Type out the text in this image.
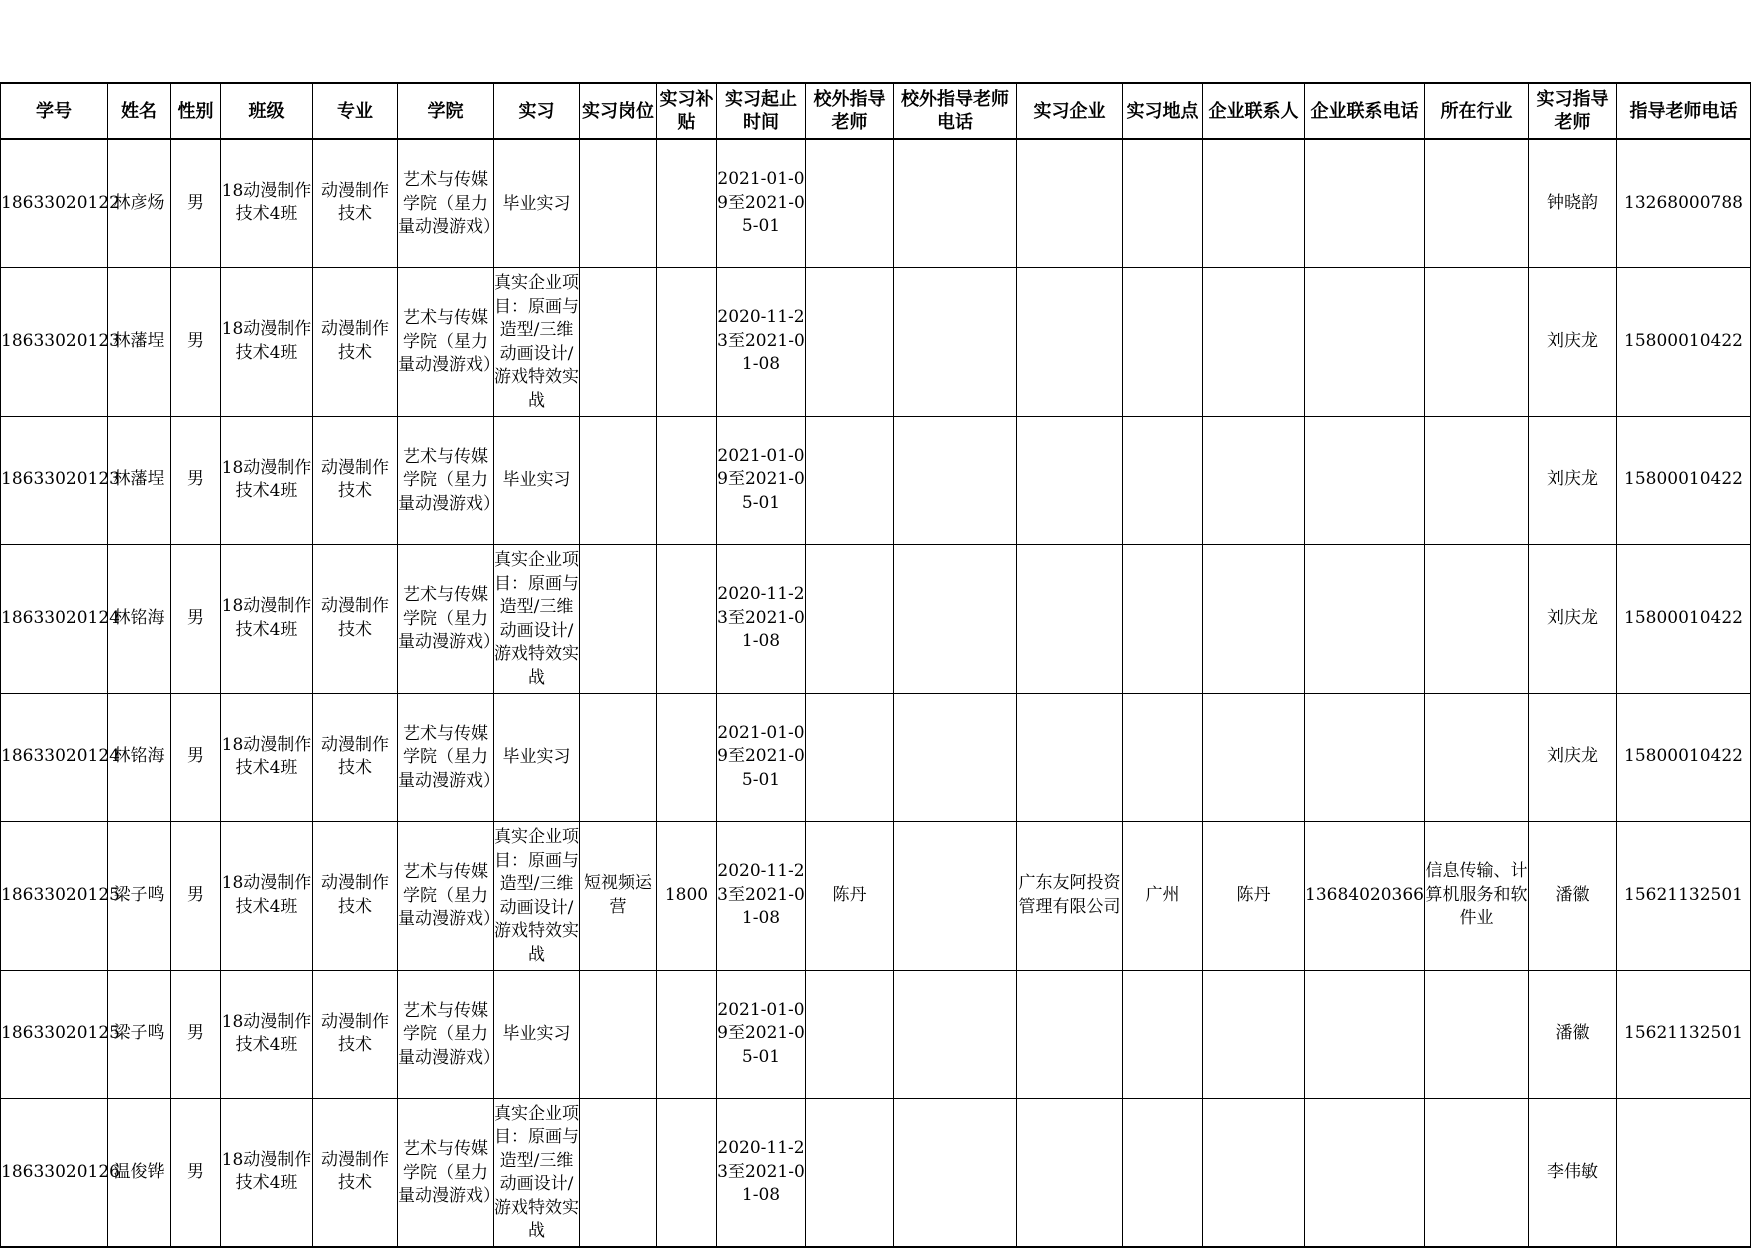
学号	姓名	性别	班级	专业	学院	实习	实习岗位	实习补贴	实习起止时间	校外指导老师	校外指导老师电话	实习企业	实习地点	企业联系人	企业联系电话	所在行业	实习指导老师	指导老师电话

18633020122	林彦炀	男	18动漫制作技术4班	动漫制作技术	艺术与传媒学院（星力量动漫游戏）	毕业实习			2021-01-09至2021-05-01								钟晓韵	13268000788

18633020123	林藩埕	男	18动漫制作技术4班	动漫制作技术	艺术与传媒学院（星力量动漫游戏）	真实企业项目：原画与造型/三维动画设计/游戏特效实战			2020-11-23至2021-01-08								刘庆龙	15800010422

18633020123	林藩埕	男	18动漫制作技术4班	动漫制作技术	艺术与传媒学院（星力量动漫游戏）	毕业实习			2021-01-09至2021-05-01								刘庆龙	15800010422

18633020124	林铭海	男	18动漫制作技术4班	动漫制作技术	艺术与传媒学院（星力量动漫游戏）	真实企业项目：原画与造型/三维动画设计/游戏特效实战			2020-11-23至2021-01-08								刘庆龙	15800010422

18633020124	林铭海	男	18动漫制作技术4班	动漫制作技术	艺术与传媒学院（星力量动漫游戏）	毕业实习			2021-01-09至2021-05-01								刘庆龙	15800010422

18633020125	梁子鸣	男	18动漫制作技术4班	动漫制作技术	艺术与传媒学院（星力量动漫游戏）	真实企业项目：原画与造型/三维动画设计/游戏特效实战	短视频运营	1800	2020-11-23至2021-01-08	陈丹		广东友阿投资管理有限公司	广州	陈丹	13684020366	信息传输、计算机服务和软件业	潘徽	15621132501

18633020125	梁子鸣	男	18动漫制作技术4班	动漫制作技术	艺术与传媒学院（星力量动漫游戏）	毕业实习			2021-01-09至2021-05-01								潘徽	15621132501

18633020126	温俊铧	男	18动漫制作技术4班	动漫制作技术	艺术与传媒学院（星力量动漫游戏）	真实企业项目：原画与造型/三维动画设计/游戏特效实战			2020-11-23至2021-01-08								李伟敏	
